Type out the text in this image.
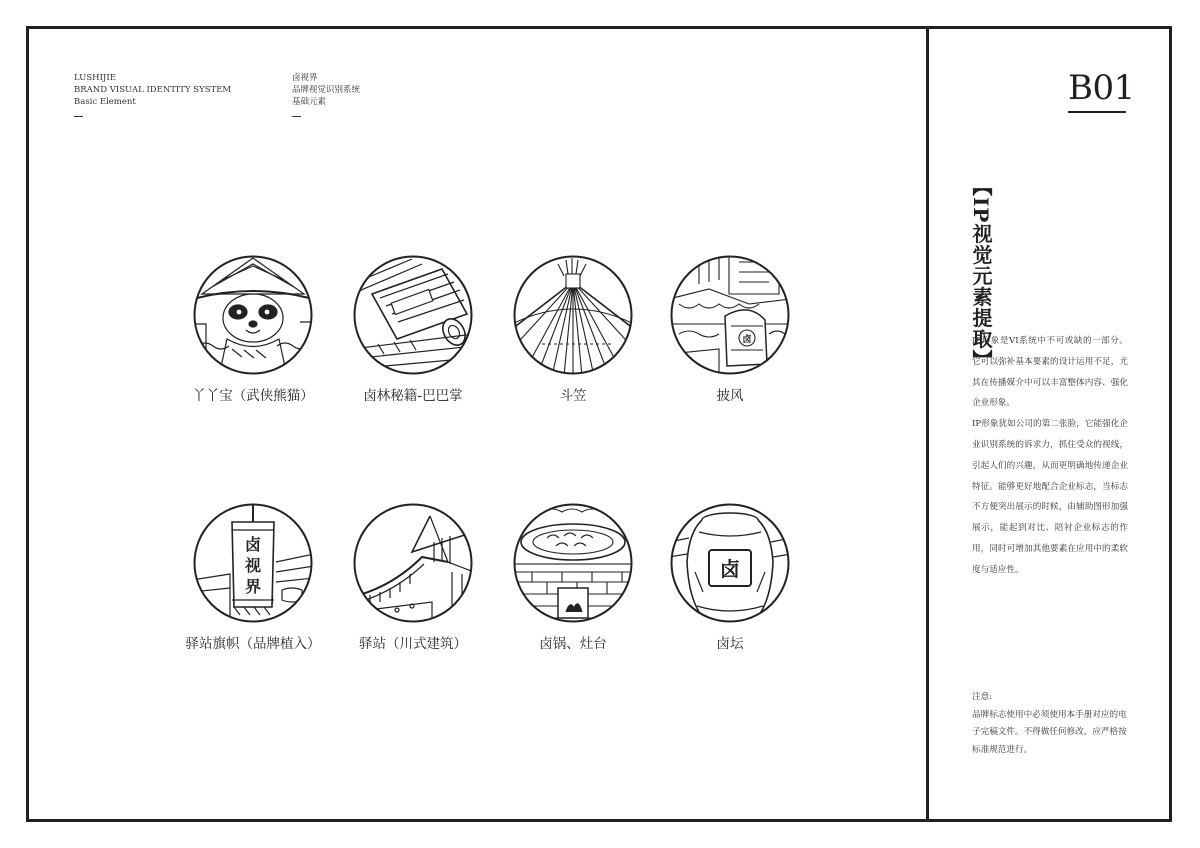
LUSHIJIE
BRAND VISUAL IDENTITY SYSTEM
Basic Element
卤视界
品牌视觉识别系统
基础元素	B01
【IP视觉元素提取】

IP形象是VI系统中不可或缺的一部分。它可以弥补基本要素的设计运用不足，尤其在传播媒介中可以丰富整体内容、强化企业形象。

IP形象犹如公司的第二张脸，它能强化企业识别系统的诉求力，抓住受众的视线，引起人们的兴趣，从而更明确地传递企业特征。能够更好地配合企业标志，当标志不方便突出展示的时候，由辅助图形加强展示，能起到对比、陪衬企业标志的作用，同时可增加其他要素在应用中的柔软度与适应性。

注意:

品牌标志使用中必须使用本手册对应的电子完稿文件。不得做任何修改，应严格按标准规范进行。

丫丫宝（武侠熊猫）	卤林秘籍-巴巴掌	斗笠
卤
披风
卤
视
界
驿站旗帜（品牌植入）	驿站（川式建筑）	卤锅、灶台
卤
卤坛
